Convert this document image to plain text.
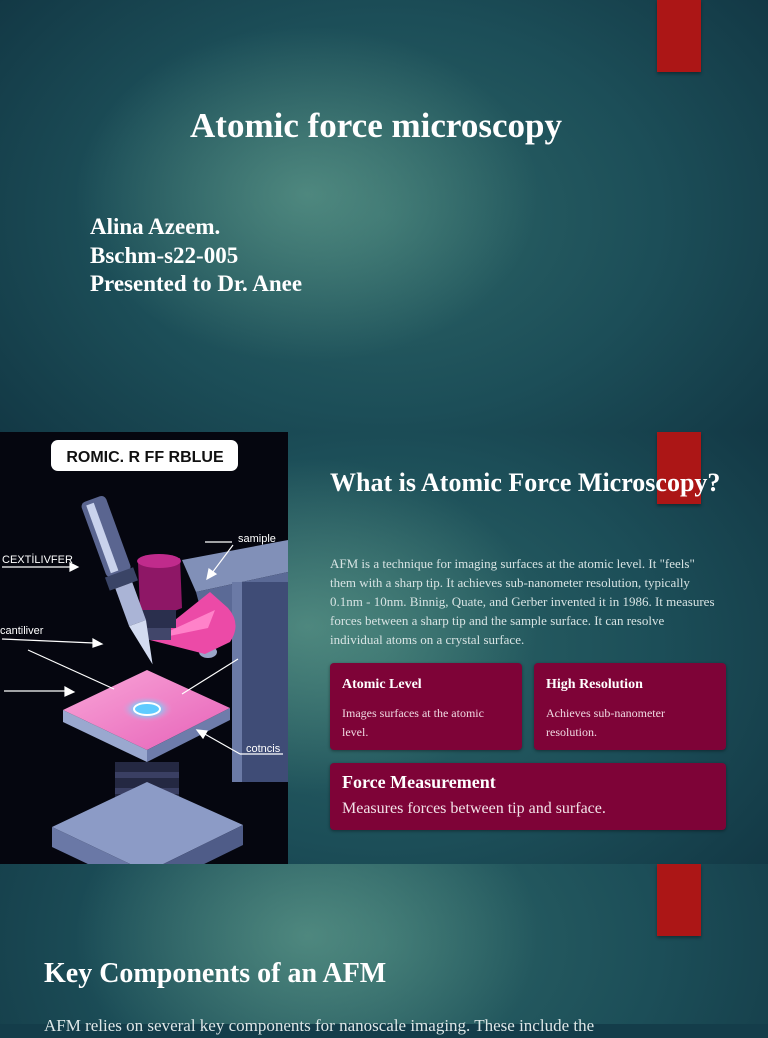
Atomic force microscopy
Alina Azeem.
Bschm-s22-005
Presented to Dr. Anee
ROMIC. R FF RBLUE
samiple
CEXTİLIVFER
cantiliver
cotncis
What is Atomic Force Microscopy?

AFM is a technique for imaging surfaces at the atomic level. It "feels" them with a sharp tip. It achieves sub-nanometer resolution, typically 0.1nm - 10nm. Binnig, Quate, and Gerber invented it in 1986. It measures forces between a sharp tip and the sample surface. It can resolve individual atoms on a crystal surface.

Atomic Level
Images surfaces at the atomic level.
High Resolution
Achieves sub-nanometer resolution.
Force Measurement
Measures forces between tip and surface.
Key Components of an AFM

AFM relies on several key components for nanoscale imaging. These include the
